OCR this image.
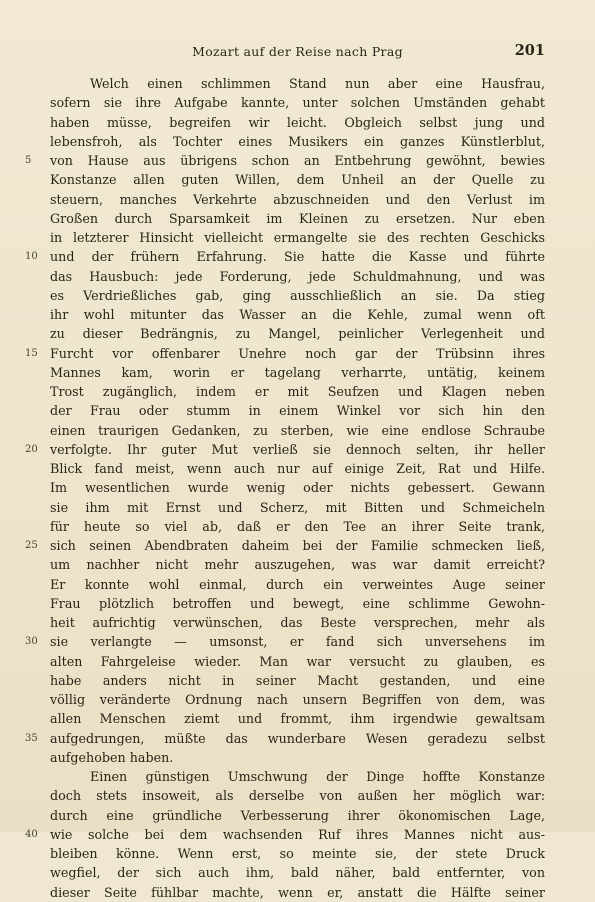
Mozart auf der Reise nach Prag	201
Welch einen schlimmen Stand nun aber eine Hausfrau,
sofern sie ihre Aufgabe kannte, unter solchen Umständen gehabt
haben müsse, begreifen wir leicht. Obgleich selbst jung und
lebensfroh, als Tochter eines Musikers ein ganzes Künstlerblut,
5	von Hause aus übrigens schon an Entbehrung gewöhnt, bewies
Konstanze allen guten Willen, dem Unheil an der Quelle zu
steuern, manches Verkehrte abzuschneiden und den Verlust im
Großen durch Sparsamkeit im Kleinen zu ersetzen. Nur eben
in letzterer Hinsicht vielleicht ermangelte sie des rechten Geschicks
10 und der frühern Erfahrung. Sie hatte die Kasse und führte
das Hausbuch: jede Forderung, jede Schuldmahnung, und was
es Verdrießliches gab, ging ausschließlich an sie. Da stieg
ihr wohl mitunter das Wasser an die Kehle, zumal wenn oft
zu dieser Bedrängnis, zu Mangel, peinlicher Verlegenheit und
15 Furcht vor offenbarer Unehre noch gar der Trübsinn ihres
Mannes kam, worin er tagelang verharrte, untätig, keinem
Trost zugänglich, indem er mit Seufzen und Klagen neben
der Frau oder stumm in einem Winkel vor sich hin den
einen traurigen Gedanken, zu sterben, wie eine endlose Schraube
20 verfolgte. Ihr guter Mut verließ sie dennoch selten, ihr heller
Blick fand meist, wenn auch nur auf einige Zeit, Rat und Hilfe.
Im wesentlichen wurde wenig oder nichts gebessert. Gewann
sie ihm mit Ernst und Scherz, mit Bitten und Schmeicheln
für heute so viel ab, daß er den Tee an ihrer Seite trank,
25 sich seinen Abendbraten daheim bei der Familie schmecken ließ,
um nachher nicht mehr auszugehen, was war damit erreicht?
Er konnte wohl einmal, durch ein verweintes Auge seiner
Frau plötzlich betroffen und bewegt, eine schlimme Gewohn-
heit aufrichtig verwünschen, das Beste versprechen, mehr als
30 sie verlangte — umsonst, er fand sich unversehens im
alten Fahrgeleise wieder. Man war versucht zu glauben, es
habe anders nicht in seiner Macht gestanden, und eine
völlig veränderte Ordnung nach unsern Begriffen von dem, was
allen Menschen ziemt und frommt, ihm irgendwie gewaltsam
35 aufgedrungen, müßte das wunderbare Wesen geradezu selbst
aufgehoben haben.
Einen günstigen Umschwung der Dinge hoffte Konstanze
doch stets insoweit, als derselbe von außen her möglich war:
durch eine gründliche Verbesserung ihrer ökonomischen Lage,
40 wie solche bei dem wachsenden Ruf ihres Mannes nicht aus-
bleiben könne. Wenn erst, so meinte sie, der stete Druck
wegfiel, der sich auch ihm, bald näher, bald entfernter, von
dieser Seite fühlbar machte, wenn er, anstatt die Hälfte seiner
